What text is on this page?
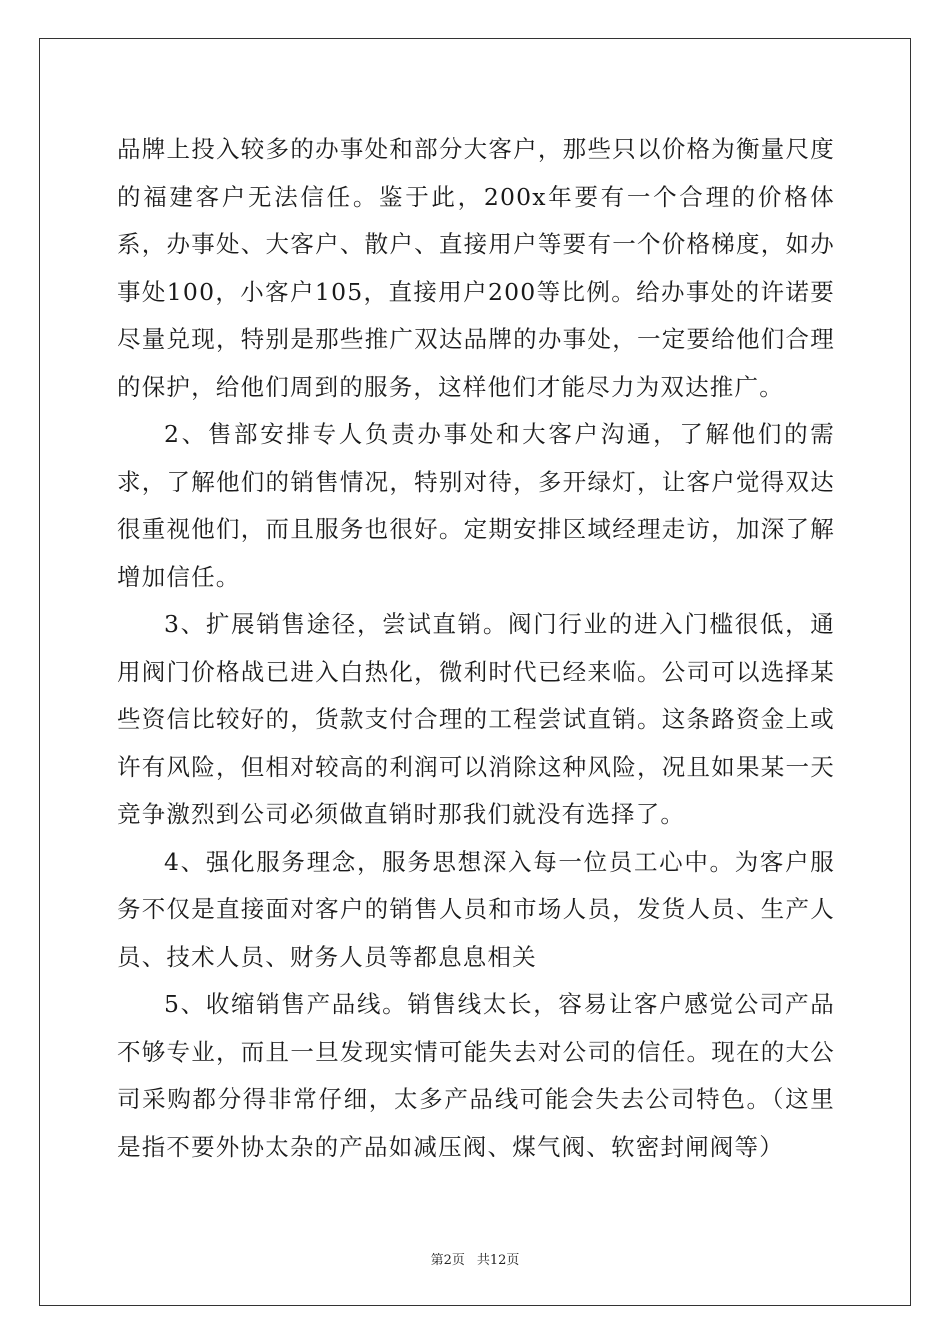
品牌上投入较多的办事处和部分大客户，那些只以价格为衡量尺度的福建客户无法信任。鉴于此，200x年要有一个合理的价格体系，办事处、大客户、散户、直接用户等要有一个价格梯度，如办事处100，小客户105，直接用户200等比例。给办事处的许诺要尽量兑现，特别是那些推广双达品牌的办事处，一定要给他们合理的保护，给他们周到的服务，这样他们才能尽力为双达推广。

2、售部安排专人负责办事处和大客户沟通，了解他们的需求，了解他们的销售情况，特别对待，多开绿灯，让客户觉得双达很重视他们，而且服务也很好。定期安排区域经理走访，加深了解增加信任。

3、扩展销售途径，尝试直销。阀门行业的进入门槛很低，通用阀门价格战已进入白热化，微利时代已经来临。公司可以选择某些资信比较好的，货款支付合理的工程尝试直销。这条路资金上或许有风险，但相对较高的利润可以消除这种风险，况且如果某一天竞争激烈到公司必须做直销时那我们就没有选择了。

4、强化服务理念，服务思想深入每一位员工心中。为客户服务不仅是直接面对客户的销售人员和市场人员，发货人员、生产人员、技术人员、财务人员等都息息相关

5、收缩销售产品线。销售线太长，容易让客户感觉公司产品不够专业，而且一旦发现实情可能失去对公司的信任。现在的大公司采购都分得非常仔细，太多产品线可能会失去公司特色。（这里是指不要外协太杂的产品如减压阀、煤气阀、软密封闸阀等）

第2页 共12页
